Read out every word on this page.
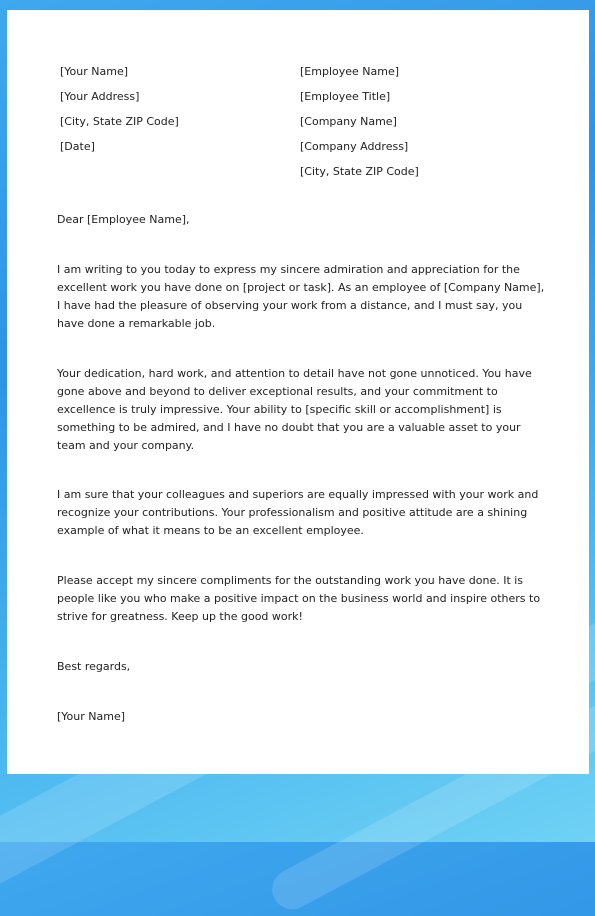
[Your Name]
[Your Address]
[City, State ZIP Code]
[Date]
[Employee Name]
[Employee Title]
[Company Name]
[Company Address]
[City, State ZIP Code]

Dear [Employee Name],

I am writing to you today to express my sincere admiration and appreciation for the excellent work you have done on [project or task]. As an employee of [Company Name], I have had the pleasure of observing your work from a distance, and I must say, you have done a remarkable job.

Your dedication, hard work, and attention to detail have not gone unnoticed. You have gone above and beyond to deliver exceptional results, and your commitment to excellence is truly impressive. Your ability to [specific skill or accomplishment] is something to be admired, and I have no doubt that you are a valuable asset to your team and your company.

I am sure that your colleagues and superiors are equally impressed with your work and recognize your contributions. Your professionalism and positive attitude are a shining example of what it means to be an excellent employee.

Please accept my sincere compliments for the outstanding work you have done. It is people like you who make a positive impact on the business world and inspire others to strive for greatness. Keep up the good work!

Best regards,

[Your Name]
